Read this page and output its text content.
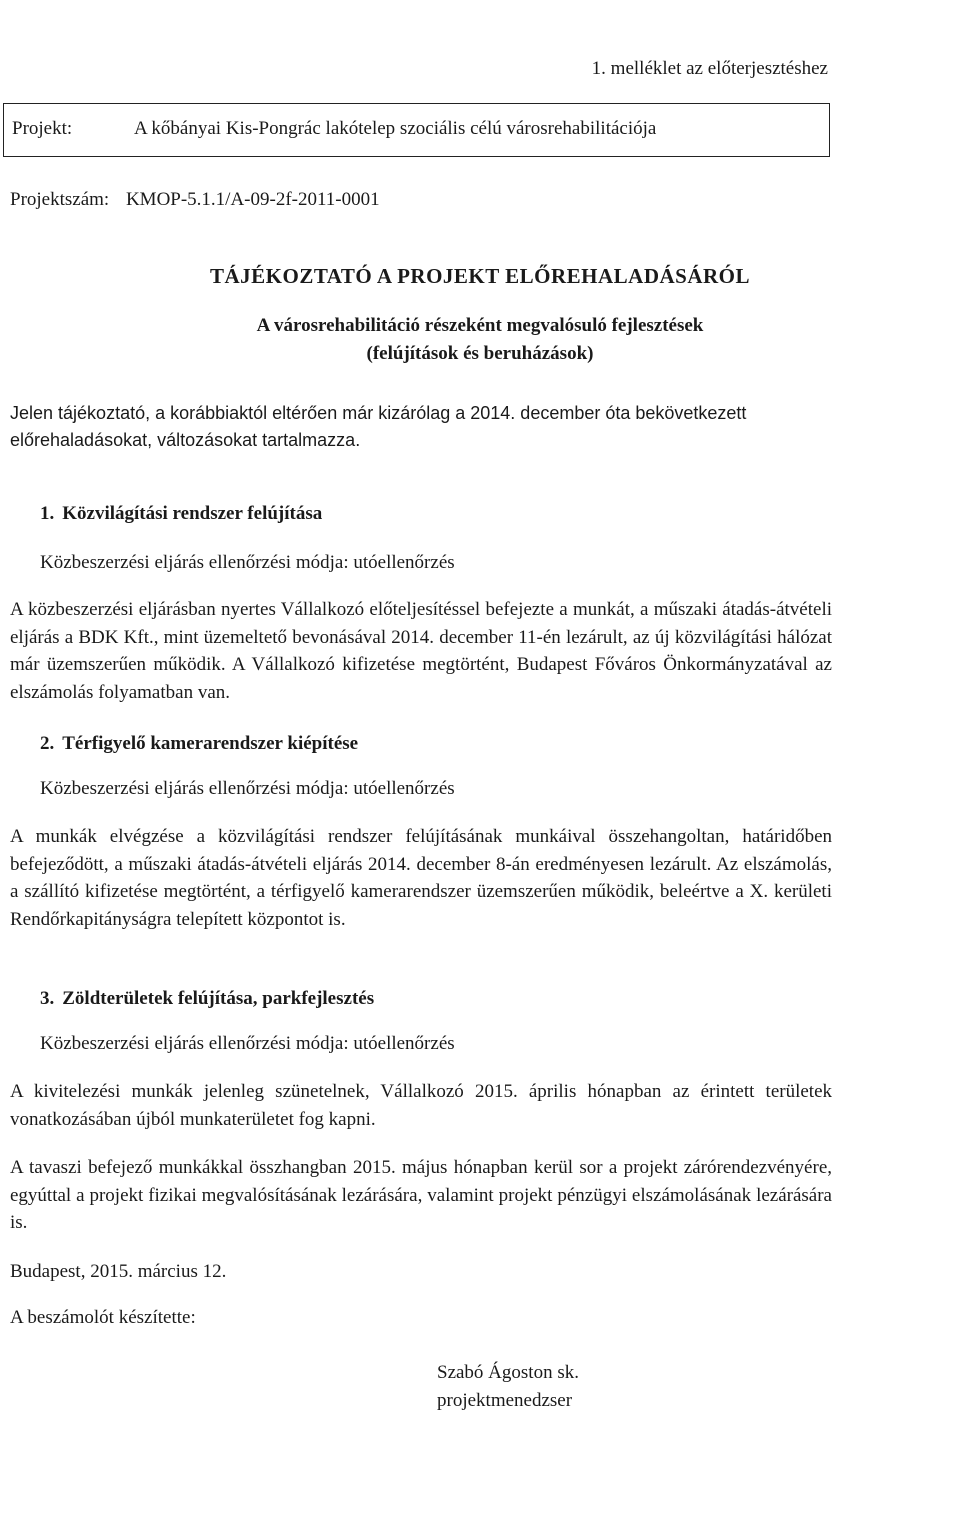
1. melléklet az előterjesztéshez
Projekt:	A kőbányai Kis-Pongrác lakótelep szociális célú városrehabilitációja
Projektszám: KMOP-5.1.1/A-09-2f-2011-0001
TÁJÉKOZTATÓ A PROJEKT ELŐREHALADÁSÁRÓL
A városrehabilitáció részeként megvalósuló fejlesztések
(felújítások és beruházások)
Jelen tájékoztató, a korábbiaktól eltérően már kizárólag a 2014. december óta bekövetkezett előrehaladásokat, változásokat tartalmazza.
1. Közvilágítási rendszer felújítása
Közbeszerzési eljárás ellenőrzési módja: utóellenőrzés
A közbeszerzési eljárásban nyertes Vállalkozó előteljesítéssel befejezte a munkát, a műszaki átadás-átvételi eljárás a BDK Kft., mint üzemeltető bevonásával 2014. december 11-én lezárult, az új közvilágítási hálózat már üzemszerűen működik. A Vállalkozó kifizetése megtörtént, Budapest Főváros Önkormányzatával az elszámolás folyamatban van.
2. Térfigyelő kamerarendszer kiépítése
Közbeszerzési eljárás ellenőrzési módja: utóellenőrzés
A munkák elvégzése a közvilágítási rendszer felújításának munkáival összehangoltan, határidőben befejeződött, a műszaki átadás-átvételi eljárás 2014. december 8-án eredményesen lezárult. Az elszámolás, a szállító kifizetése megtörtént, a térfigyelő kamerarendszer üzemszerűen működik, beleértve a X. kerületi Rendőrkapitányságra telepített központot is.
3. Zöldterületek felújítása, parkfejlesztés
Közbeszerzési eljárás ellenőrzési módja: utóellenőrzés
A kivitelezési munkák jelenleg szünetelnek, Vállalkozó 2015. április hónapban az érintett területek vonatkozásában újból munkaterületet fog kapni.
A tavaszi befejező munkákkal összhangban 2015. május hónapban kerül sor a projekt zárórendezvényére, egyúttal a projekt fizikai megvalósításának lezárására, valamint projekt pénzügyi elszámolásának lezárására is.
Budapest, 2015. március 12.
A beszámolót készítette:
Szabó Ágoston sk.
projektmenedzser
